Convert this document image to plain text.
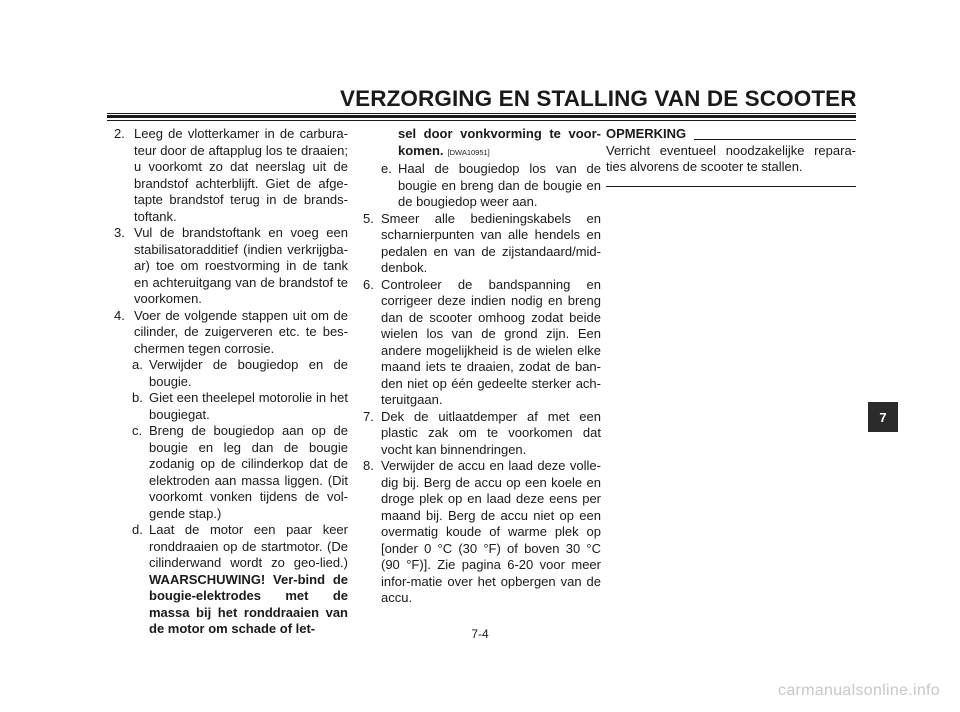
VERZORGING EN STALLING VAN DE SCOOTER
2. Leeg de vlotterkamer in de carbura-teur door de aftapplug los te draaien; u voorkomt zo dat neerslag uit de brandstof achterblijft. Giet de afge-tapte brandstof terug in de brands-toftank.
3. Vul de brandstoftank en voeg een stabilisatoradditief (indien verkrijgba-ar) toe om roestvorming in de tank en achteruitgang van de brandstof te voorkomen.
4. Voer de volgende stappen uit om de cilinder, de zuigerveren etc. te bes-chermen tegen corrosie.
a. Verwijder de bougiedop en de bougie.
b. Giet een theelepel motorolie in het bougiegat.
c. Breng de bougiedop aan op de bougie en leg dan de bougie zodanig op de cilinderkop dat de elektroden aan massa liggen. (Dit voorkomt vonken tijdens de vol-gende stap.)
d. Laat de motor een paar keer ronddraaien op de startmotor. (De cilinderwand wordt zo geo-lied.) WAARSCHUWING! Ver-bind de bougie-elektrodes met de massa bij het ronddraaien van de motor om schade of let-
sel door vonkvorming te voor-komen. [DWA10951]
e. Haal de bougiedop los van de bougie en breng dan de bougie en de bougiedop weer aan.
5. Smeer alle bedieningskabels en scharnierpunten van alle hendels en pedalen en van de zijstandaard/mid-denbok.
6. Controleer de bandspanning en corrigeer deze indien nodig en breng dan de scooter omhoog zodat beide wielen los van de grond zijn. Een andere mogelijkheid is de wielen elke maand iets te draaien, zodat de ban-den niet op één gedeelte sterker ach-teruitgaan.
7. Dek de uitlaatdemper af met een plastic zak om te voorkomen dat vocht kan binnendringen.
8. Verwijder de accu en laad deze volle-dig bij. Berg de accu op een koele en droge plek op en laad deze eens per maand bij. Berg de accu niet op een overmatig koude of warme plek op [onder 0 °C (30 °F) of boven 30 °C (90 °F)]. Zie pagina 6-20 voor meer infor-matie over het opbergen van de accu.
OPMERKING
Verricht eventueel noodzakelijke repara-ties alvorens de scooter te stallen.
7-4
7
carmanualsonline.info
